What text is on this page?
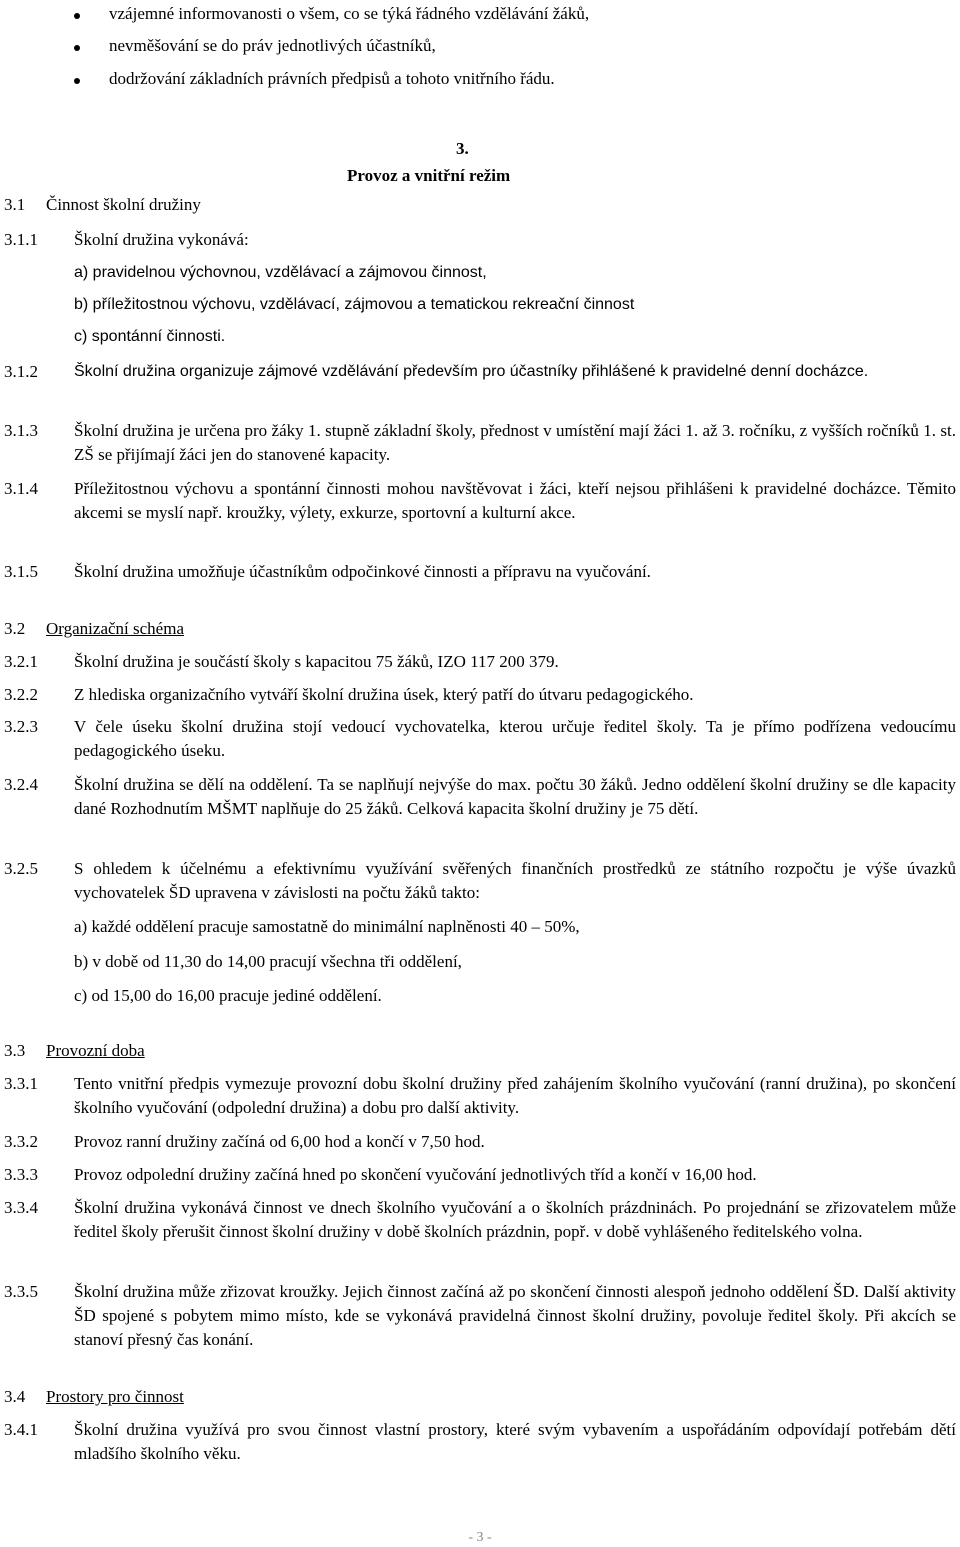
vzájemné informovanosti o všem, co se týká řádného vzdělávání žáků,
nevměšování se do práv jednotlivých účastníků,
dodržování základních právních předpisů a tohoto vnitřního řádu.
3.
Provoz a vnitřní režim
3.1 Činnost školní družiny
3.1.1 Školní družina vykonává:
a) pravidelnou výchovnou, vzdělávací a zájmovou činnost,
b) příležitostnou výchovu, vzdělávací, zájmovou a tematickou rekreační činnost
c) spontánní činnosti.
3.1.2 Školní družina organizuje zájmové vzdělávání především pro účastníky přihlášené k pravidelné denní docházce.
3.1.3 Školní družina je určena pro žáky 1. stupně základní školy, přednost v umístění mají žáci 1. až 3. ročníku, z vyšších ročníků 1. st. ZŠ se přijímají žáci jen do stanovené kapacity.
3.1.4 Příležitostnou výchovu a spontánní činnosti mohou navštěvovat i žáci, kteří nejsou přihlášeni k pravidelné docházce. Těmito akcemi se myslí např. kroužky, výlety, exkurze, sportovní a kulturní akce.
3.1.5 Školní družina umožňuje účastníkům odpočinkové činnosti a přípravu na vyučování.
3.2 Organizační schéma
3.2.1 Školní družina je součástí školy s kapacitou 75 žáků, IZO 117 200 379.
3.2.2 Z hlediska organizačního vytváří školní družina úsek, který patří do útvaru pedagogického.
3.2.3 V čele úseku školní družina stojí vedoucí vychovatelka, kterou určuje ředitel školy. Ta je přímo podřízena vedoucímu pedagogického úseku.
3.2.4 Školní družina se dělí na oddělení. Ta se naplňují nejvýše do max. počtu 30 žáků. Jedno oddělení školní družiny se dle kapacity dané Rozhodnutím MŠMT naplňuje do 25 žáků. Celková kapacita školní družiny je 75 dětí.
3.2.5 S ohledem k účelnému a efektivnímu využívání svěřených finančních prostředků ze státního rozpočtu je výše úvazků vychovatelek ŠD upravena v závislosti na počtu žáků takto:
a) každé oddělení pracuje samostatně do minimální naplněnosti 40 – 50%,
b) v době od 11,30 do 14,00 pracují všechna tři oddělení,
c) od 15,00 do 16,00 pracuje jediné oddělení.
3.3 Provozní doba
3.3.1 Tento vnitřní předpis vymezuje provozní dobu školní družiny před zahájením školního vyučování (ranní družina), po skončení školního vyučování (odpolední družina) a dobu pro další aktivity.
3.3.2 Provoz ranní družiny začíná od 6,00 hod a končí v 7,50 hod.
3.3.3 Provoz odpolední družiny začíná hned po skončení vyučování jednotlivých tříd a končí v 16,00 hod.
3.3.4 Školní družina vykonává činnost ve dnech školního vyučování a o školních prázdninách. Po projednání se zřizovatelem může ředitel školy přerušit činnost školní družiny v době školních prázdnin, popř. v době vyhlášeného ředitelského volna.
3.3.5 Školní družina může zřizovat kroužky. Jejich činnost začíná až po skončení činnosti alespoň jednoho oddělení ŠD. Další aktivity ŠD spojené s pobytem mimo místo, kde se vykonává pravidelná činnost školní družiny, povoluje ředitel školy. Při akcích se stanoví přesný čas konání.
3.4 Prostory pro činnost
3.4.1 Školní družina využívá pro svou činnost vlastní prostory, které svým vybavením a uspořádáním odpovídají potřebám dětí mladšího školního věku.
- 3 -
